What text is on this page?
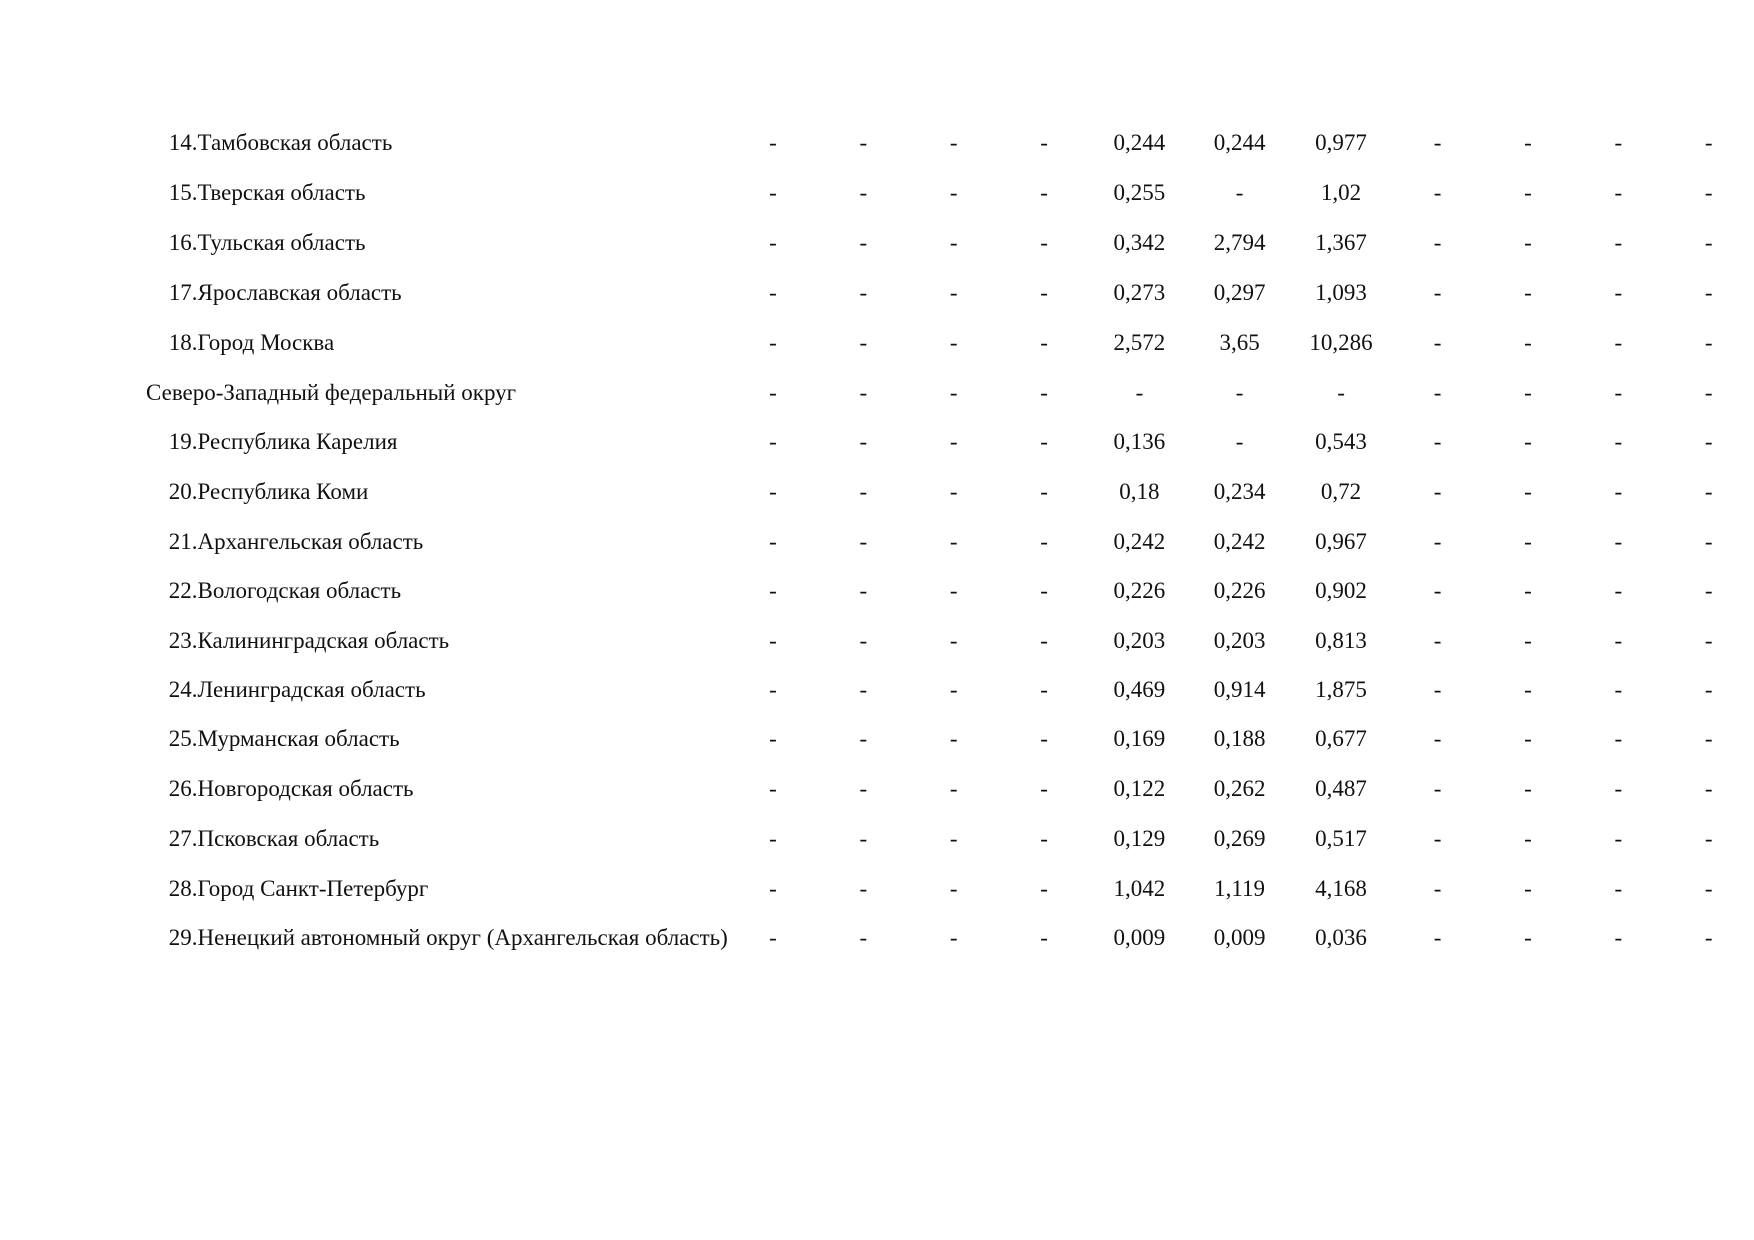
14.	Тамбовская область	-	-	-	-	0,244	0,244	0,977	-	-	-	-
15.	Тверская область	-	-	-	-	0,255	-	1,02	-	-	-	-
16.	Тульская область	-	-	-	-	0,342	2,794	1,367	-	-	-	-
17.	Ярославская область	-	-	-	-	0,273	0,297	1,093	-	-	-	-
18.	Город Москва	-	-	-	-	2,572	3,65	10,286	-	-	-	-
Северо-Западный федеральный округ		-	-	-	-	-	-	-	-	-	-	-
19.	Республика Карелия	-	-	-	-	0,136	-	0,543	-	-	-	-
20.	Республика Коми	-	-	-	-	0,18	0,234	0,72	-	-	-	-
21.	Архангельская область	-	-	-	-	0,242	0,242	0,967	-	-	-	-
22.	Вологодская область	-	-	-	-	0,226	0,226	0,902	-	-	-	-
23.	Калининградская область	-	-	-	-	0,203	0,203	0,813	-	-	-	-
24.	Ленинградская область	-	-	-	-	0,469	0,914	1,875	-	-	-	-
25.	Мурманская область	-	-	-	-	0,169	0,188	0,677	-	-	-	-
26.	Новгородская область	-	-	-	-	0,122	0,262	0,487	-	-	-	-
27.	Псковская область	-	-	-	-	0,129	0,269	0,517	-	-	-	-
28.	Город Санкт-Петербург	-	-	-	-	1,042	1,119	4,168	-	-	-	-
29.	Ненецкий автономный округ (Архангельская область)	-	-	-	-	0,009	0,009	0,036	-	-	-	-
